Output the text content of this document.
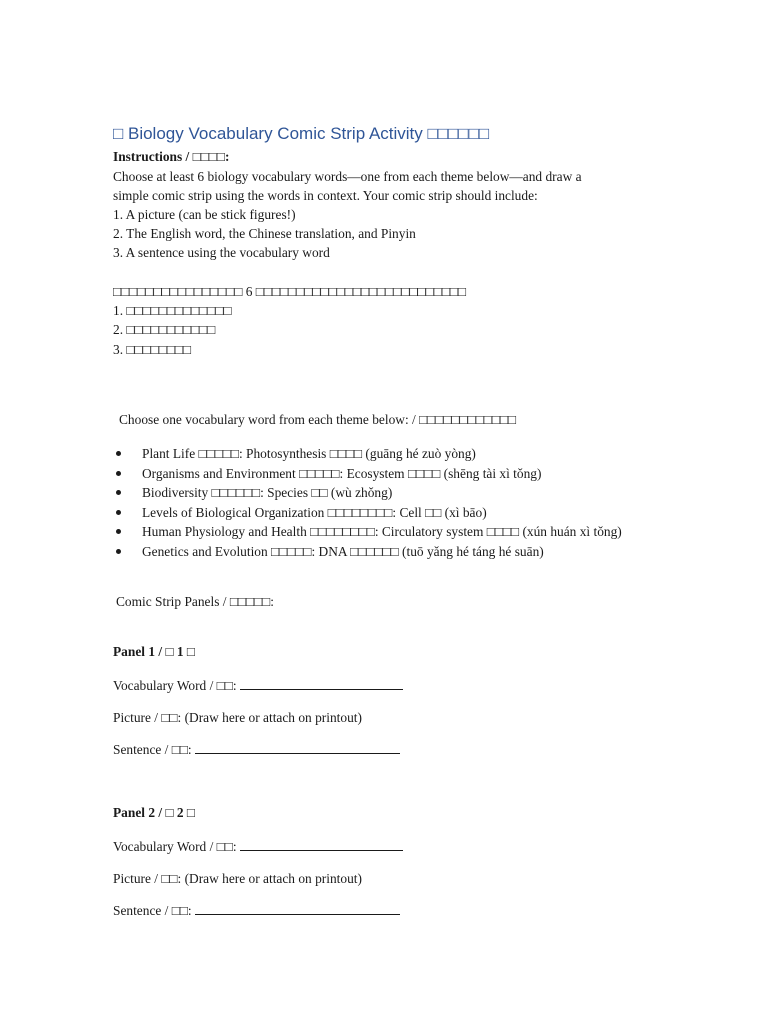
□ Biology Vocabulary Comic Strip Activity □□□□□□
Instructions / □□□□:
Choose at least 6 biology vocabulary words—one from each theme below—and draw a
simple comic strip using the words in context. Your comic strip should include:
1. A picture (can be stick figures!)
2. The English word, the Chinese translation, and Pinyin
3. A sentence using the vocabulary word
□□□□□□□□□□□□□□□□ 6 □□□□□□□□□□□□□□□□□□□□□□□□□□
1. □□□□□□□□□□□□□
2. □□□□□□□□□□□
3. □□□□□□□□
Choose one vocabulary word from each theme below: / □□□□□□□□□□□□
Plant Life □□□□□: Photosynthesis □□□□ (guāng hé zuò yòng)
Organisms and Environment □□□□□: Ecosystem □□□□ (shēng tài xì tǒng)
Biodiversity □□□□□□: Species □□ (wù zhǒng)
Levels of Biological Organization □□□□□□□□: Cell □□ (xì bāo)
Human Physiology and Health □□□□□□□□: Circulatory system □□□□ (xún huán xì tǒng)
Genetics and Evolution □□□□□: DNA □□□□□□ (tuō yǎng hé táng hé suān)
Comic Strip Panels / □□□□□:
Panel 1 / □ 1 □
Vocabulary Word / □□:
Picture / □□: (Draw here or attach on printout)
Sentence / □□:
Panel 2 / □ 2 □
Vocabulary Word / □□:
Picture / □□: (Draw here or attach on printout)
Sentence / □□:
